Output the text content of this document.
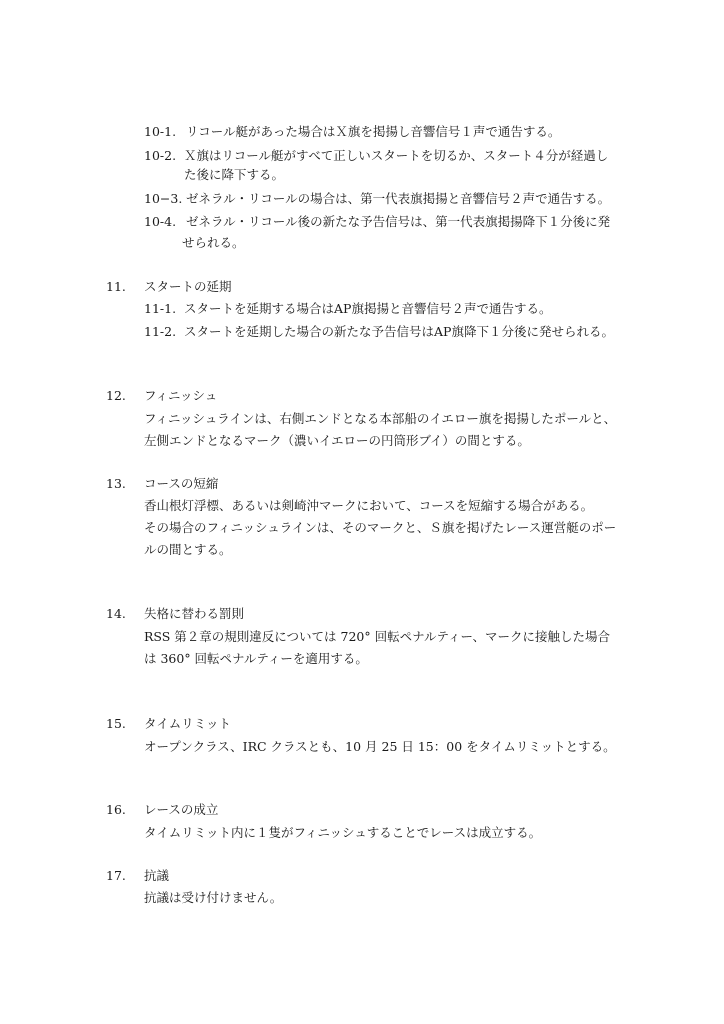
10-1. リコール艇があった場合はＸ旗を掲揚し音響信号１声で通告する。
10-2. Ｘ旗はリコール艇がすべて正しいスタートを切るか、スタート４分が経過し
た後に降下する。
10−3. ゼネラル・リコールの場合は、第一代表旗掲揚と音響信号２声で通告する。
10-4. ゼネラル・リコール後の新たな予告信号は、第一代表旗掲揚降下１分後に発
せられる。
11. スタートの延期
11-1. スタートを延期する場合はAP旗掲揚と音響信号２声で通告する。
11-2. スタートを延期した場合の新たな予告信号はAP旗降下１分後に発せられる。
12. フィニッシュ
フィニッシュラインは、右側エンドとなる本部船のイエロー旗を掲揚したポールと、
左側エンドとなるマーク（濃いイエローの円筒形ブイ）の間とする。
13. コースの短縮
香山根灯浮標、あるいは剣崎沖マークにおいて、コースを短縮する場合がある。
その場合のフィニッシュラインは、そのマークと、Ｓ旗を掲げたレース運営艇のポー
ルの間とする。
14. 失格に替わる罰則
RSS 第２章の規則違反については 720° 回転ペナルティー、マークに接触した場合
は 360° 回転ペナルティーを適用する。
15. タイムリミット
オープンクラス、IRC クラスとも、10 月 25 日 15：00 をタイムリミットとする。
16. レースの成立
タイムリミット内に１隻がフィニッシュすることでレースは成立する。
17. 抗議
抗議は受け付けません。
